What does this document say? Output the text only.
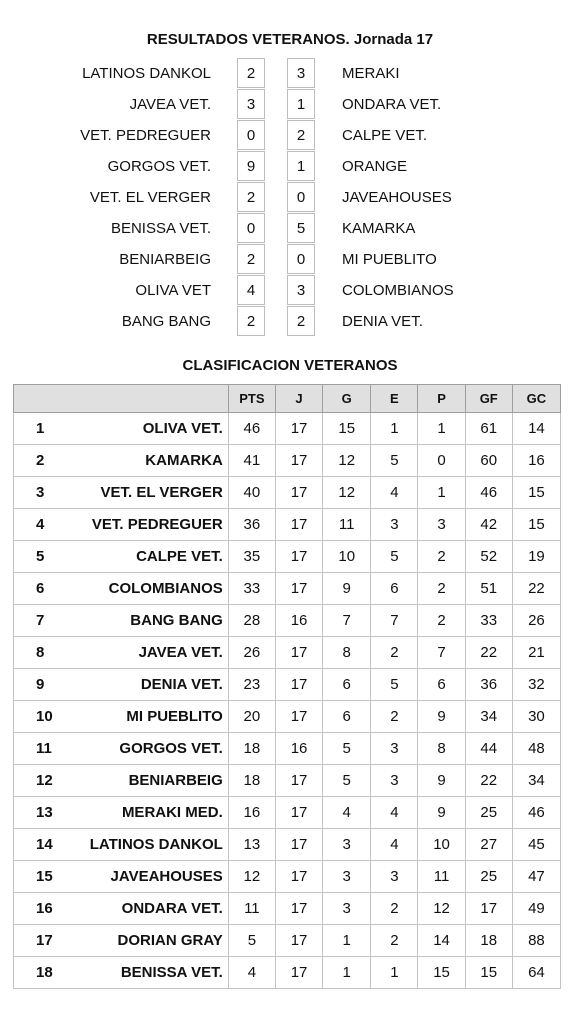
RESULTADOS VETERANOS. Jornada 17
LATINOS DANKOL	2	3	MERAKI
JAVEA VET.	3	1	ONDARA VET.
VET. PEDREGUER	0	2	CALPE VET.
GORGOS VET.	9	1	ORANGE
VET. EL VERGER	2	0	JAVEAHOUSES
BENISSA VET.	0	5	KAMARKA
BENIARBEIG	2	0	MI PUEBLITO
OLIVA VET	4	3	COLOMBIANOS
BANG BANG	2	2	DENIA VET.
CLASIFICACION VETERANOS
		PTS	J	G	E	P	GF	GC
1	OLIVA VET.	46	17	15	1	1	61	14
2	KAMARKA	41	17	12	5	0	60	16
3	VET. EL VERGER	40	17	12	4	1	46	15
4	VET. PEDREGUER	36	17	11	3	3	42	15
5	CALPE VET.	35	17	10	5	2	52	19
6	COLOMBIANOS	33	17	9	6	2	51	22
7	BANG BANG	28	16	7	7	2	33	26
8	JAVEA VET.	26	17	8	2	7	22	21
9	DENIA VET.	23	17	6	5	6	36	32
10	MI PUEBLITO	20	17	6	2	9	34	30
11	GORGOS VET.	18	16	5	3	8	44	48
12	BENIARBEIG	18	17	5	3	9	22	34
13	MERAKI MED.	16	17	4	4	9	25	46
14	LATINOS DANKOL	13	17	3	4	10	27	45
15	JAVEAHOUSES	12	17	3	3	11	25	47
16	ONDARA VET.	11	17	3	2	12	17	49
17	DORIAN GRAY	5	17	1	2	14	18	88
18	BENISSA VET.	4	17	1	1	15	15	64
